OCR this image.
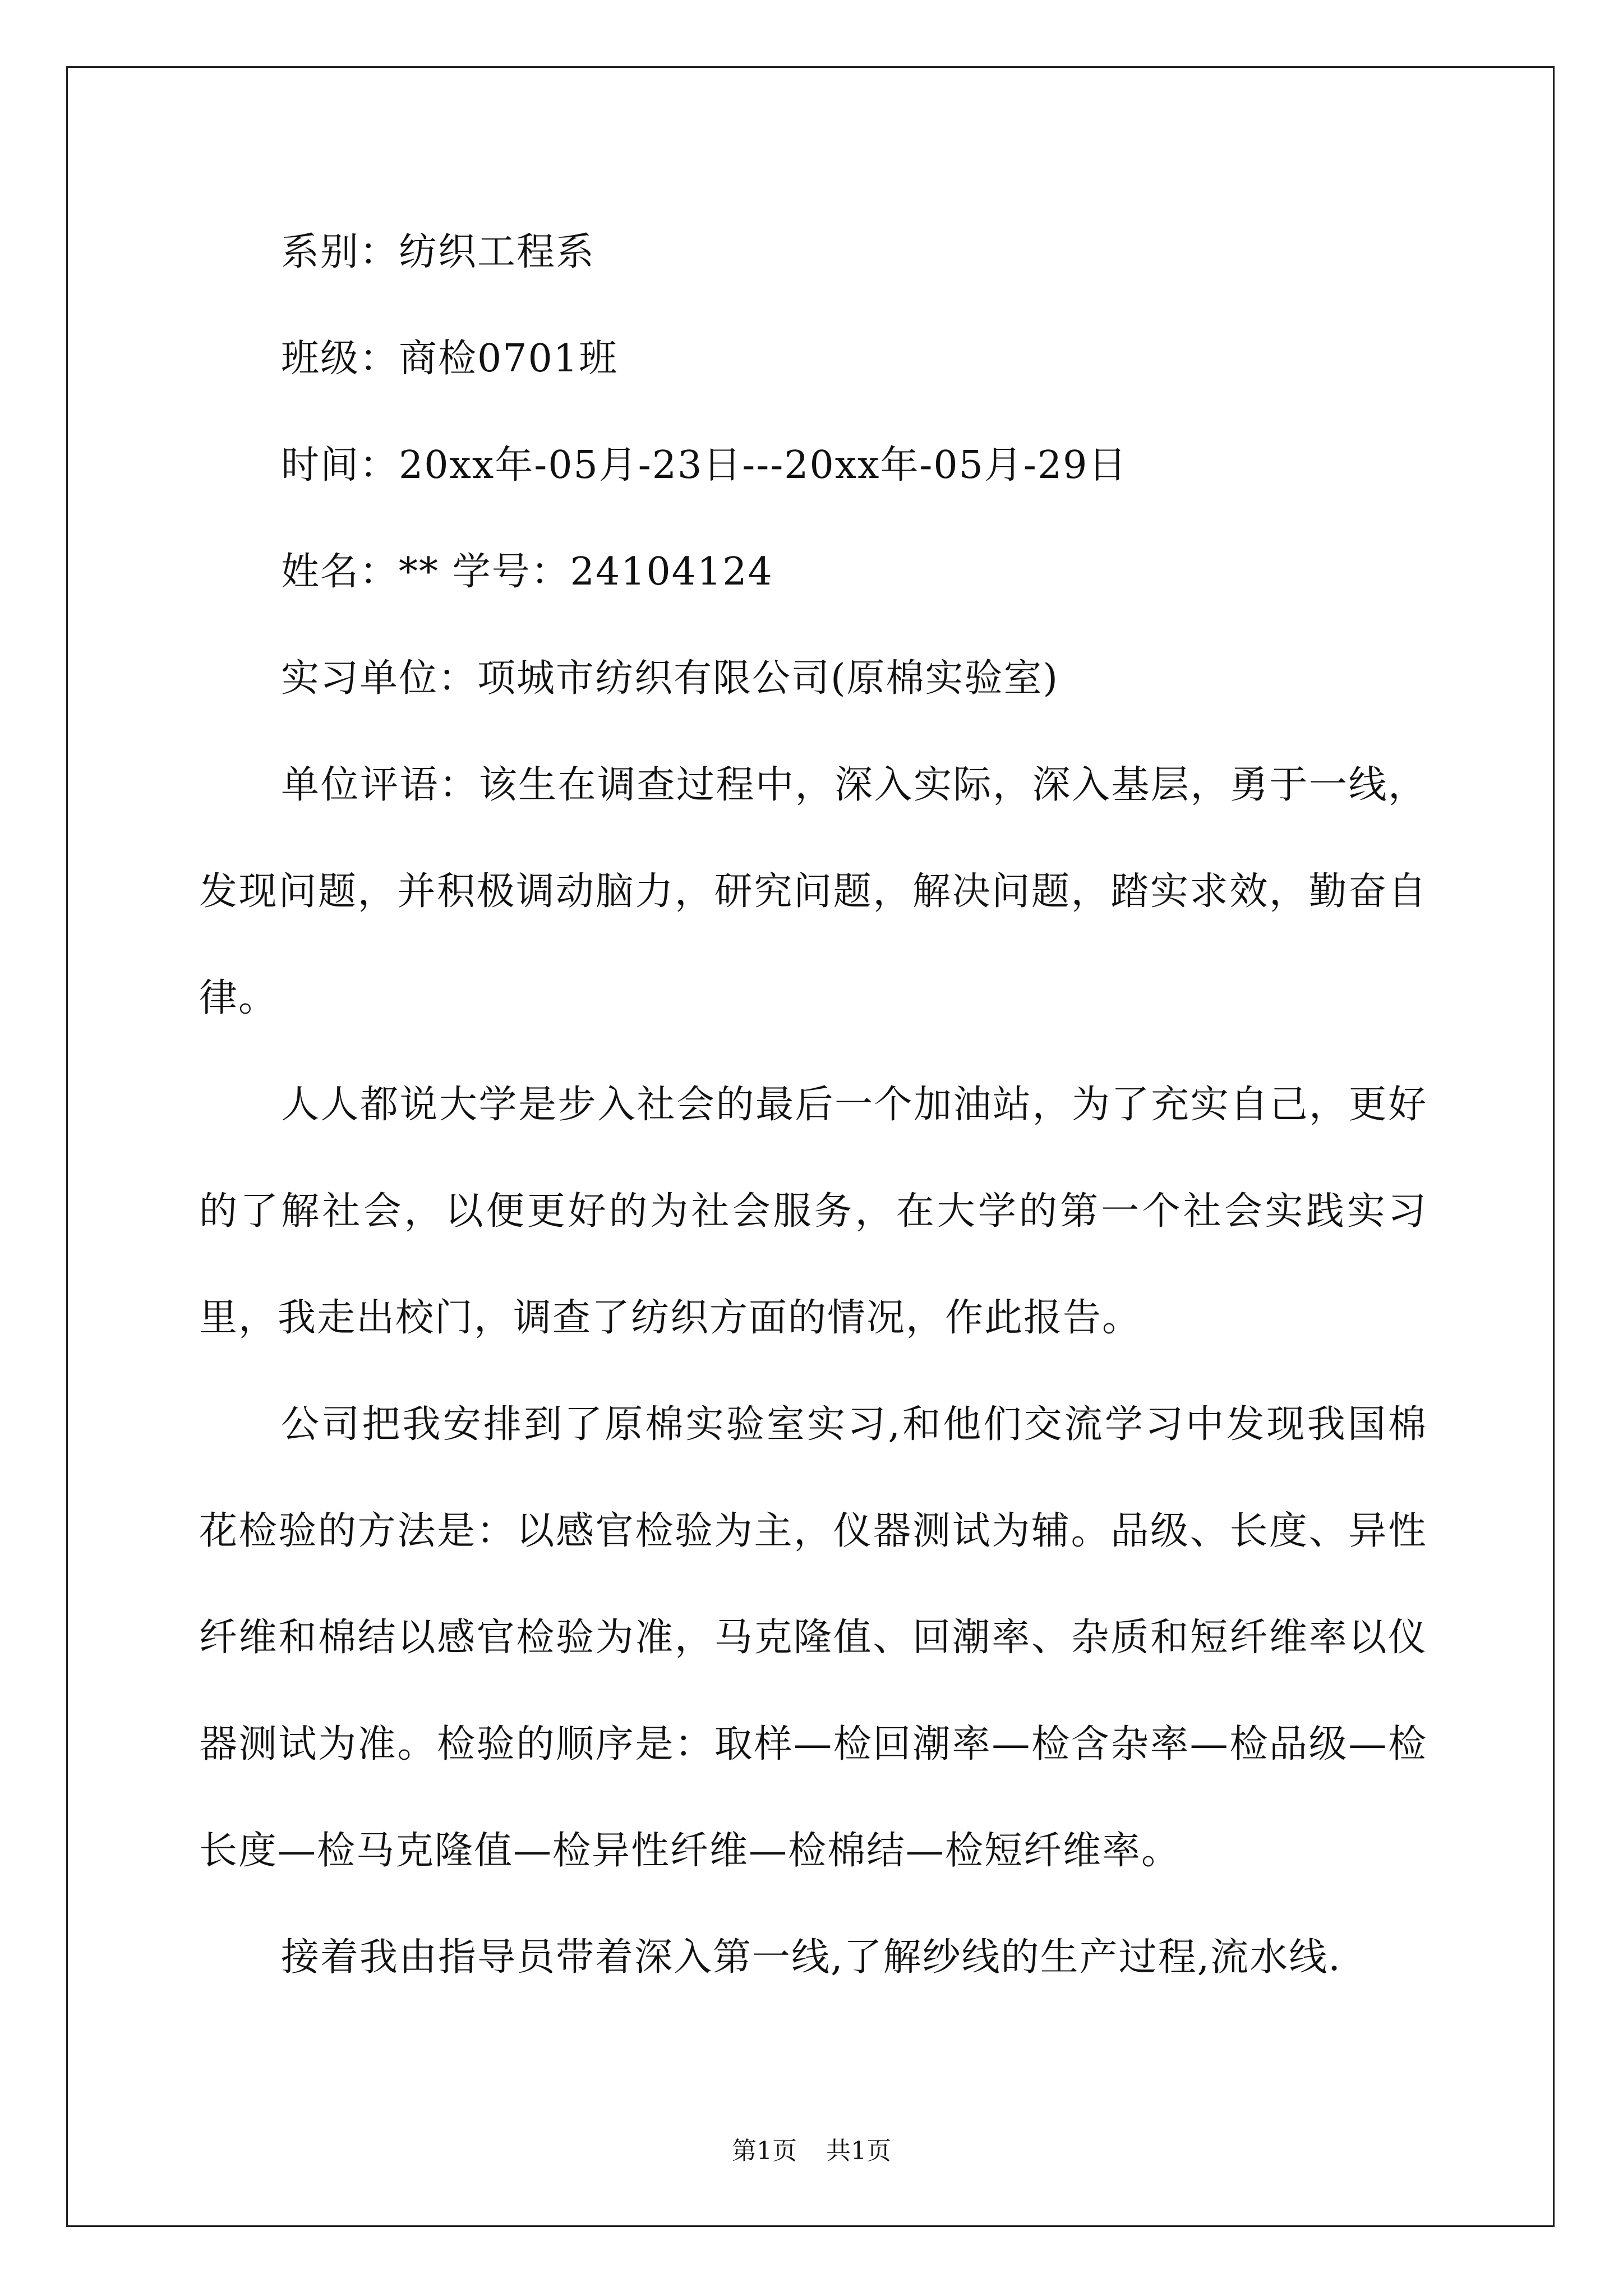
系别：纺织工程系
班级：商检0701班
时间：20xx年-05月-23日---20xx年-05月-29日
姓名：** 学号：24104124
实习单位：项城市纺织有限公司(原棉实验室)

单位评语：该生在调查过程中，深入实际，深入基层，勇于一线，发现问题，并积极调动脑力，研究问题，解决问题，踏实求效，勤奋自律。

人人都说大学是步入社会的最后一个加油站，为了充实自己，更好的了解社会，以便更好的为社会服务，在大学的第一个社会实践实习里，我走出校门，调查了纺织方面的情况，作此报告。

公司把我安排到了原棉实验室实习,和他们交流学习中发现我国棉花检验的方法是：以感官检验为主，仪器测试为辅。品级、长度、异性纤维和棉结以感官检验为准，马克隆值、回潮率、杂质和短纤维率以仪器测试为准。检验的顺序是：取样—检回潮率—检含杂率—检品级—检长度—检马克隆值—检异性纤维—检棉结—检短纤维率。

接着我由指导员带着深入第一线,了解纱线的生产过程,流水线.

第1页 共1页
